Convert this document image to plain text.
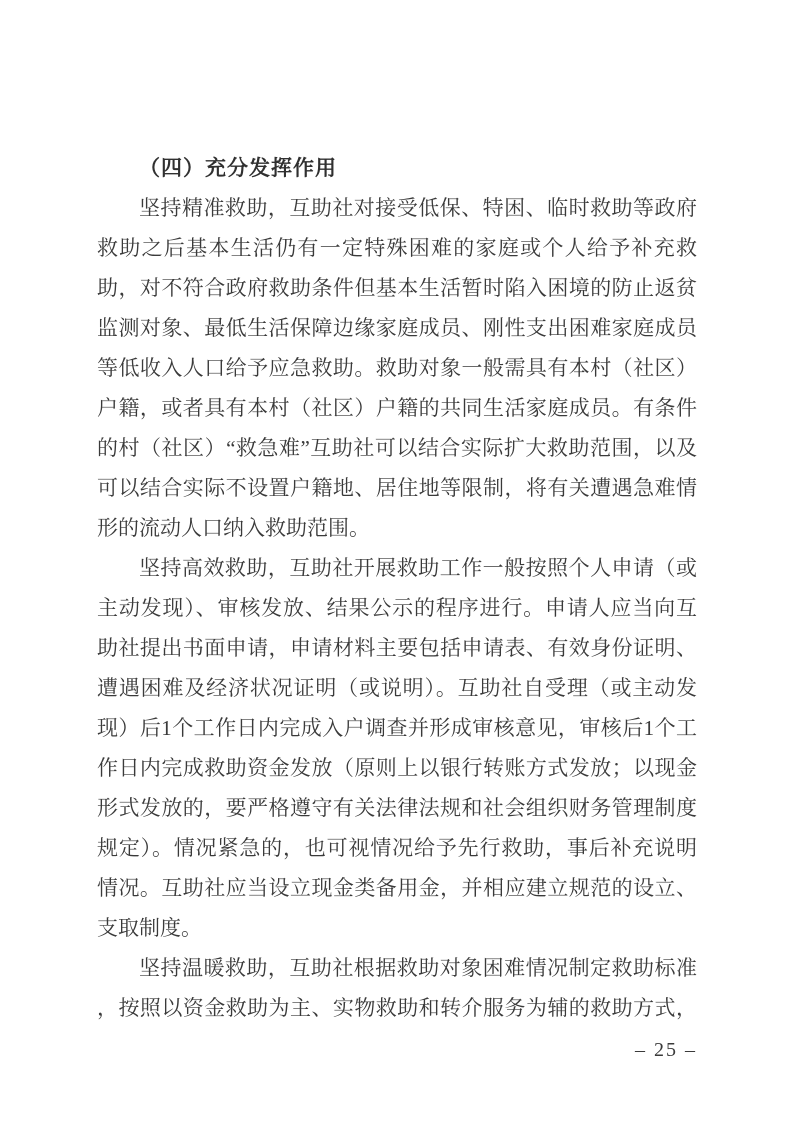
（四）充分发挥作用
坚持精准救助，互助社对接受低保、特困、临时救助等政府
救助之后基本生活仍有一定特殊困难的家庭或个人给予补充救
助，对不符合政府救助条件但基本生活暂时陷入困境的防止返贫
监测对象、最低生活保障边缘家庭成员、刚性支出困难家庭成员
等低收入人口给予应急救助。救助对象一般需具有本村（社区）
户籍，或者具有本村（社区）户籍的共同生活家庭成员。有条件
的村（社区）“救急难”互助社可以结合实际扩大救助范围，以及
可以结合实际不设置户籍地、居住地等限制，将有关遭遇急难情
形的流动人口纳入救助范围。
坚持高效救助，互助社开展救助工作一般按照个人申请（或
主动发现）、审核发放、结果公示的程序进行。申请人应当向互
助社提出书面申请，申请材料主要包括申请表、有效身份证明、
遭遇困难及经济状况证明（或说明）。互助社自受理（或主动发
现）后1个工作日内完成入户调查并形成审核意见，审核后1个工
作日内完成救助资金发放（原则上以银行转账方式发放；以现金
形式发放的，要严格遵守有关法律法规和社会组织财务管理制度
规定）。情况紧急的，也可视情况给予先行救助，事后补充说明
情况。互助社应当设立现金类备用金，并相应建立规范的设立、
支取制度。
坚持温暖救助，互助社根据救助对象困难情况制定救助标准
，按照以资金救助为主、实物救助和转介服务为辅的救助方式，
– 25 –
